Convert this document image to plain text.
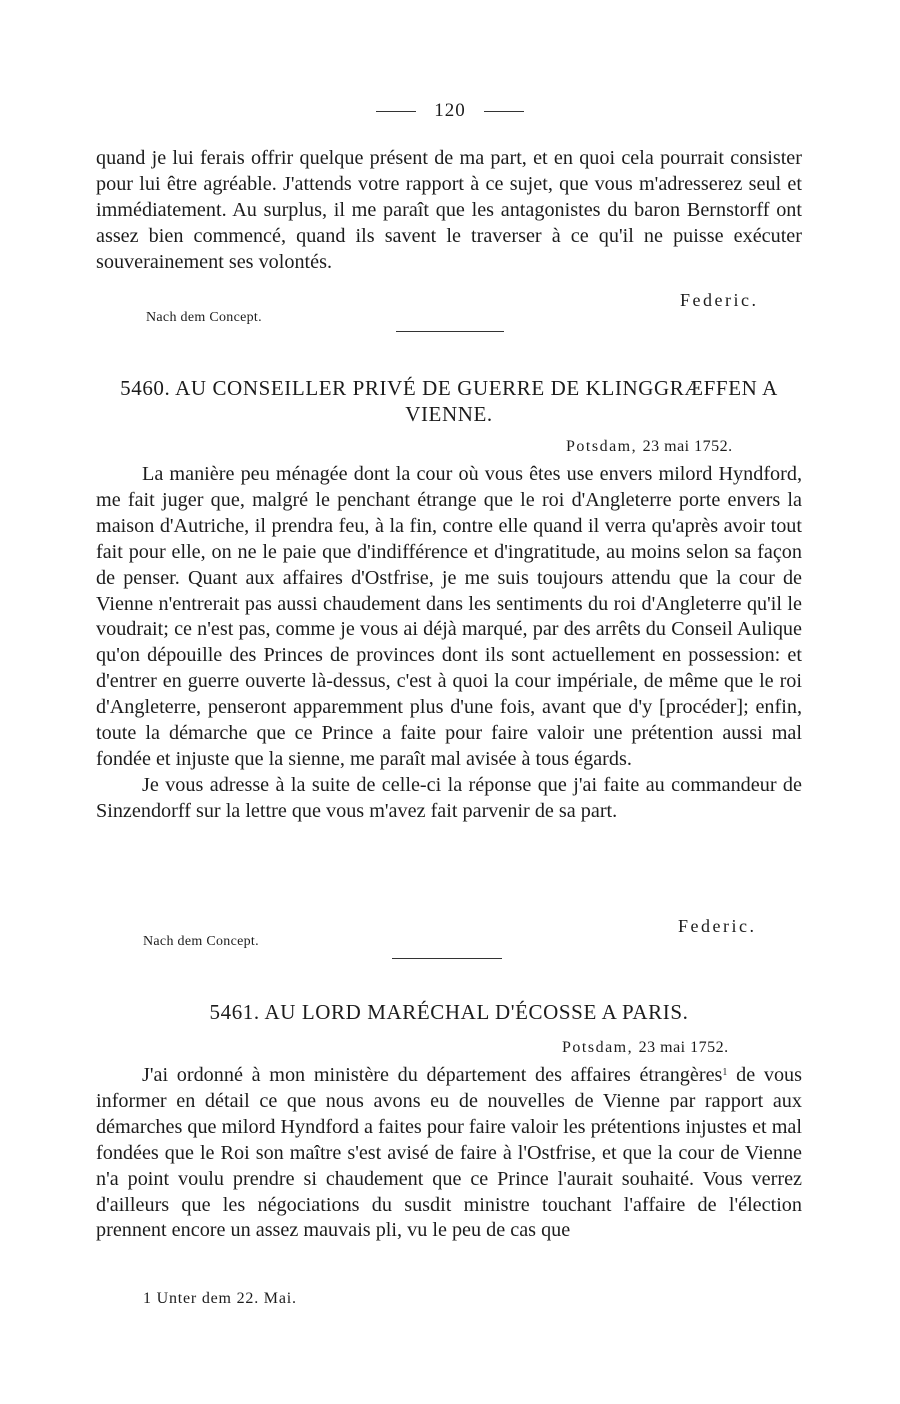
120

quand je lui ferais offrir quelque présent de ma part, et en quoi cela pourrait consister pour lui être agréable. J'attends votre rapport à ce sujet, que vous m'adresserez seul et immédiatement. Au surplus, il me paraît que les antagonistes du baron Bernstorff ont assez bien commencé, quand ils savent le traverser à ce qu'il ne puisse exécuter souverainement ses volontés.

Federic.
Nach dem Concept.
5460. AU CONSEILLER PRIVÉ DE GUERRE DE KLINGGRÆFFEN A VIENNE.
Potsdam, 23 mai 1752.

La manière peu ménagée dont la cour où vous êtes use envers milord Hyndford, me fait juger que, malgré le penchant étrange que le roi d'Angleterre porte envers la maison d'Autriche, il prendra feu, à la fin, contre elle quand il verra qu'après avoir tout fait pour elle, on ne le paie que d'indifférence et d'ingratitude, au moins selon sa façon de penser. Quant aux affaires d'Ostfrise, je me suis toujours attendu que la cour de Vienne n'entrerait pas aussi chaudement dans les sentiments du roi d'Angleterre qu'il le voudrait; ce n'est pas, comme je vous ai déjà marqué, par des arrêts du Conseil Aulique qu'on dépouille des Princes de provinces dont ils sont actuellement en possession: et d'entrer en guerre ouverte là-dessus, c'est à quoi la cour impériale, de même que le roi d'Angleterre, penseront apparemment plus d'une fois, avant que d'y [procéder]; enfin, toute la démarche que ce Prince a faite pour faire valoir une prétention aussi mal fondée et injuste que la sienne, me paraît mal avisée à tous égards.

Je vous adresse à la suite de celle-ci la réponse que j'ai faite au commandeur de Sinzendorff sur la lettre que vous m'avez fait parvenir de sa part.

Federic.
Nach dem Concept.
5461. AU LORD MARÉCHAL D'ÉCOSSE A PARIS.
Potsdam, 23 mai 1752.

J'ai ordonné à mon ministère du département des affaires étrangères$^1$ de vous informer en détail ce que nous avons eu de nouvelles de Vienne par rapport aux démarches que milord Hyndford a faites pour faire valoir les prétentions injustes et mal fondées que le Roi son maître s'est avisé de faire à l'Ostfrise, et que la cour de Vienne n'a point voulu prendre si chaudement que ce Prince l'aurait souhaité. Vous verrez d'ailleurs que les négociations du susdit ministre touchant l'affaire de l'élection prennent encore un assez mauvais pli, vu le peu de cas que

1 Unter dem 22. Mai.
